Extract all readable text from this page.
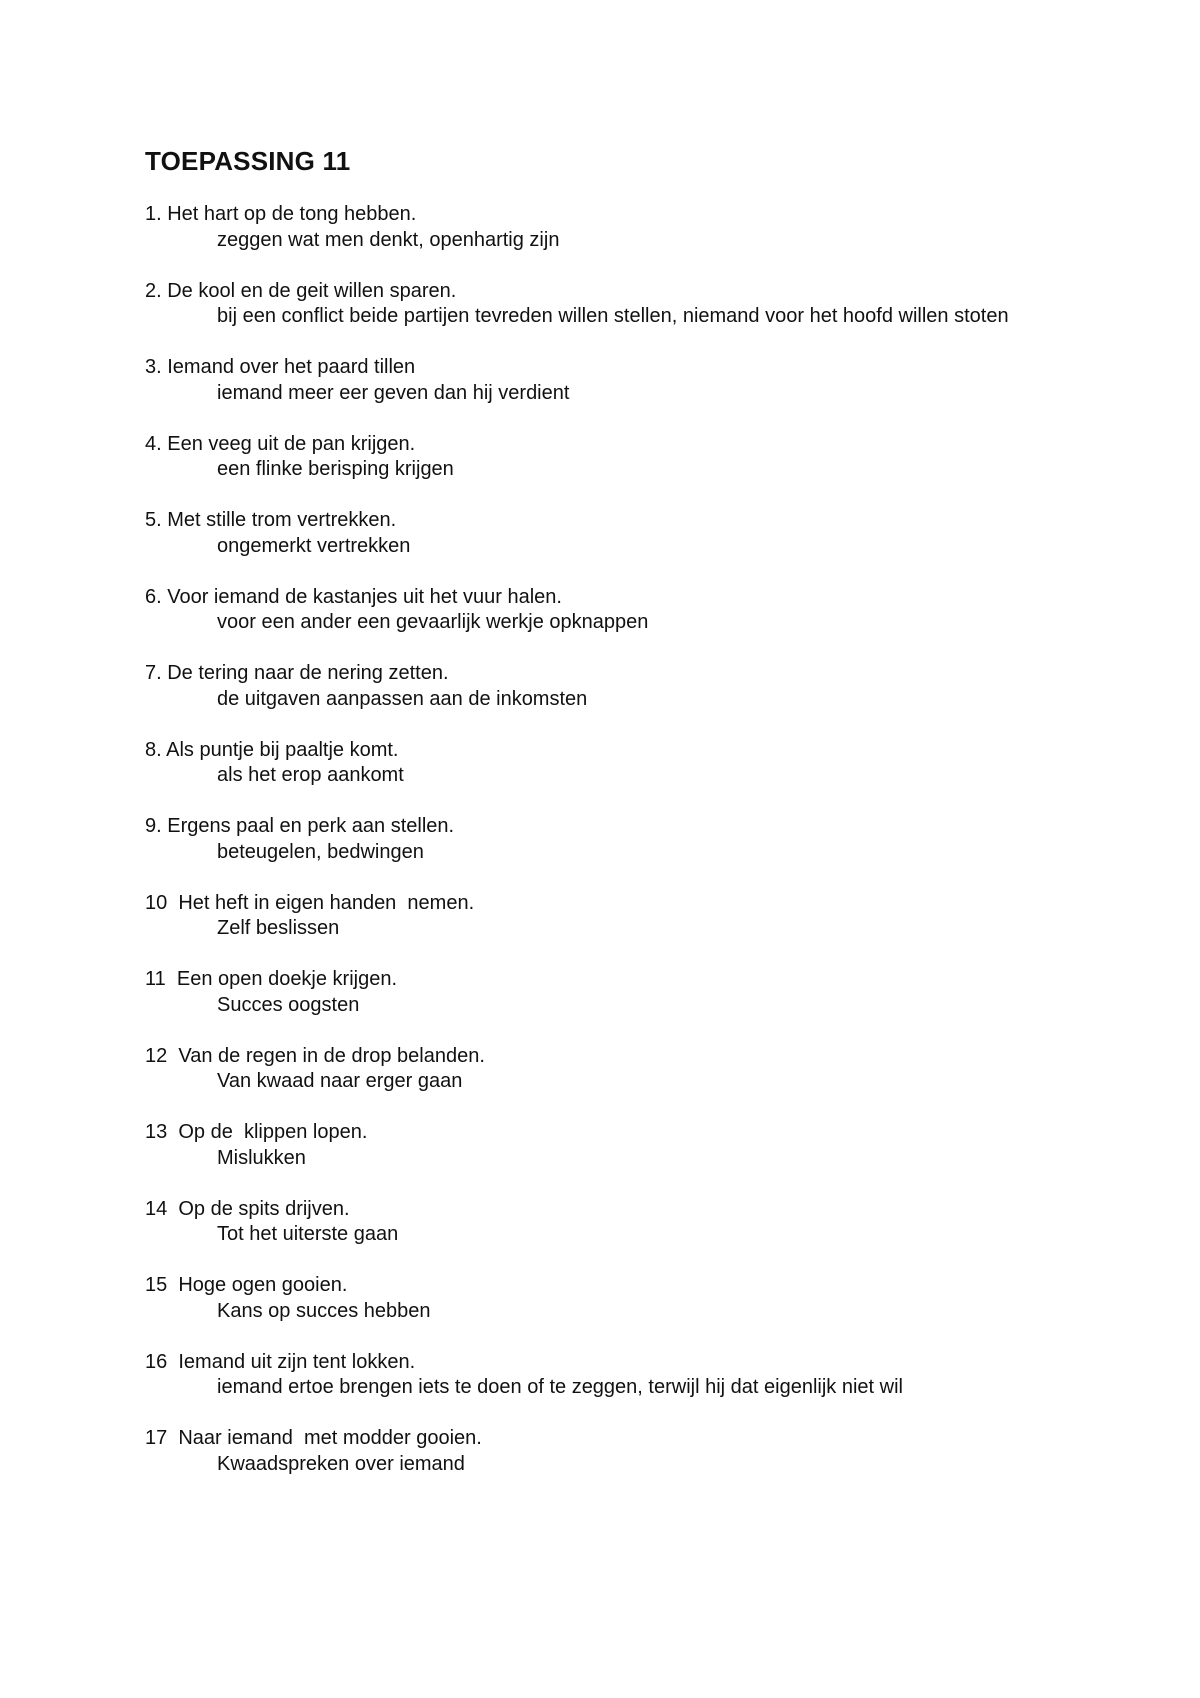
TOEPASSING 11
1. Het hart op de tong hebben.
zeggen wat men denkt, openhartig zijn
2. De kool en de geit willen sparen.
bij een conflict beide partijen tevreden willen stellen, niemand voor het hoofd willen stoten
3. Iemand over het paard tillen
iemand meer eer geven dan hij verdient
4. Een veeg uit de pan krijgen.
een flinke berisping krijgen
5. Met stille trom vertrekken.
ongemerkt vertrekken
6. Voor iemand de kastanjes uit het vuur halen.
voor een ander een gevaarlijk werkje opknappen
7. De tering naar de nering zetten.
de uitgaven aanpassen aan de inkomsten
8. Als puntje bij paaltje komt.
als het erop aankomt
9. Ergens paal en perk aan stellen.
beteugelen, bedwingen
10  Het heft in eigen handen  nemen.
Zelf beslissen
11  Een open doekje krijgen.
Succes oogsten
12  Van de regen in de drop belanden.
Van kwaad naar erger gaan
13  Op de  klippen lopen.
Mislukken
14  Op de spits drijven.
Tot het uiterste gaan
15  Hoge ogen gooien.
Kans op succes hebben
16  Iemand uit zijn tent lokken.
iemand ertoe brengen iets te doen of te zeggen, terwijl hij dat eigenlijk niet wil
17  Naar iemand  met modder gooien.
Kwaadspreken over iemand
